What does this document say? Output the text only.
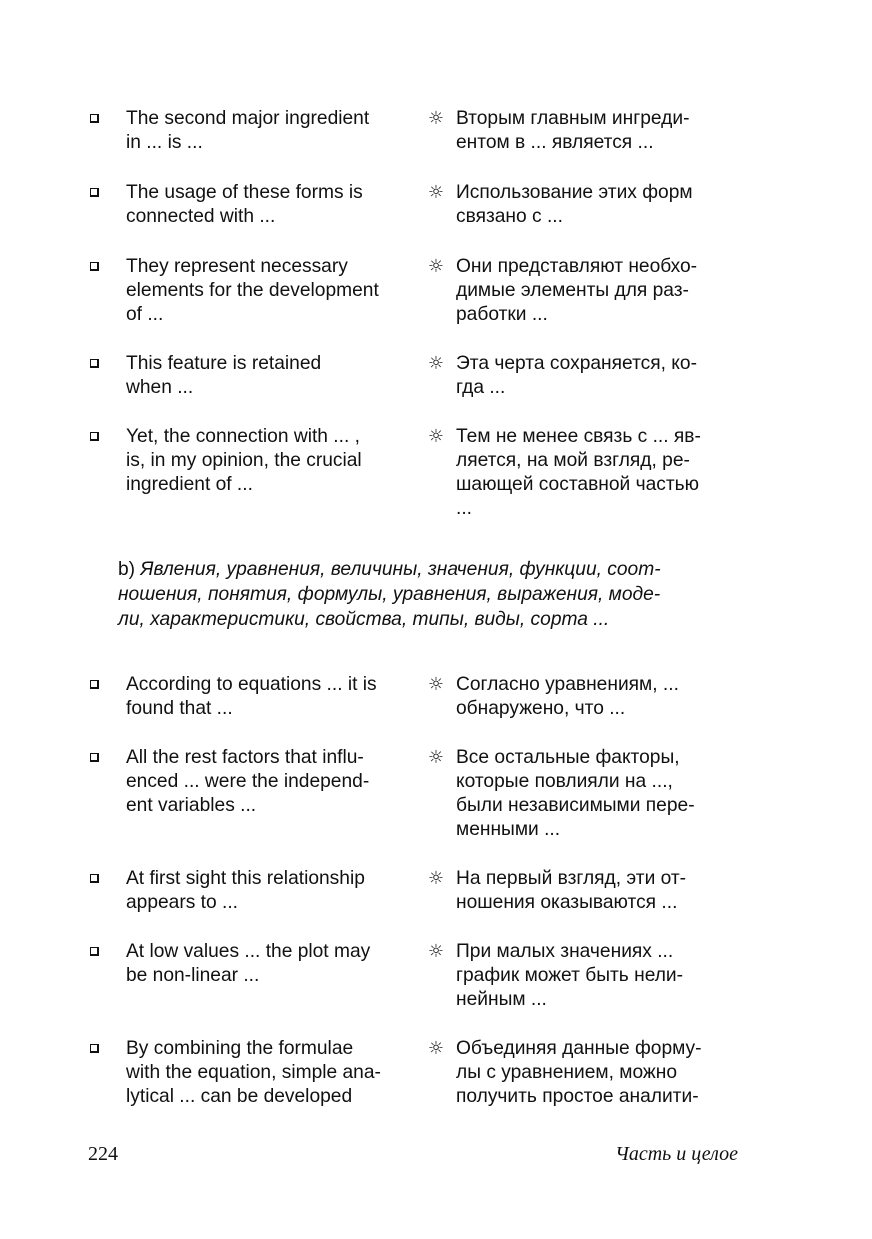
The second major ingredient
in ... is ...

☼ Вторым главным ингреди-
ентом в ... является ...

The usage of these forms is
connected with ...

☼ Использование этих форм
связано с ...

They represent necessary
elements for the development
of ...

☼ Они представляют необхо-
димые элементы для раз-
работки ...

This feature is retained
when ...

☼ Эта черта сохраняется, ко-
гда ...

Yet, the connection with ... ,
is, in my opinion, the crucial
ingredient of ...

☼ Тем не менее связь с ... яв-
ляется, на мой взгляд, ре-
шающей составной частью
...

b) Явления, уравнения, величины, значения, функции, соот-
ношения, понятия, формулы, уравнения, выражения, моде-
ли, характеристики, свойства, типы, виды, сорта ...

According to equations ... it is
found that ...

☼ Согласно уравнениям, ...
обнаружено, что ...

All the rest factors that influ-
enced ... were the independ-
ent variables ...

☼ Все остальные факторы,
которые повлияли на ...,
были независимыми пере-
менными ...

At first sight this relationship
appears to ...

☼ На первый взгляд, эти от-
ношения оказываются ...

At low values ... the plot may
be non-linear ...

☼ При малых значениях ...
график может быть нели-
нейным ...

By combining the formulae
with the equation, simple ana-
lytical ... can be developed

☼ Объединяя данные форму-
лы с уравнением, можно
получить простое аналити-

224	Часть и целое
